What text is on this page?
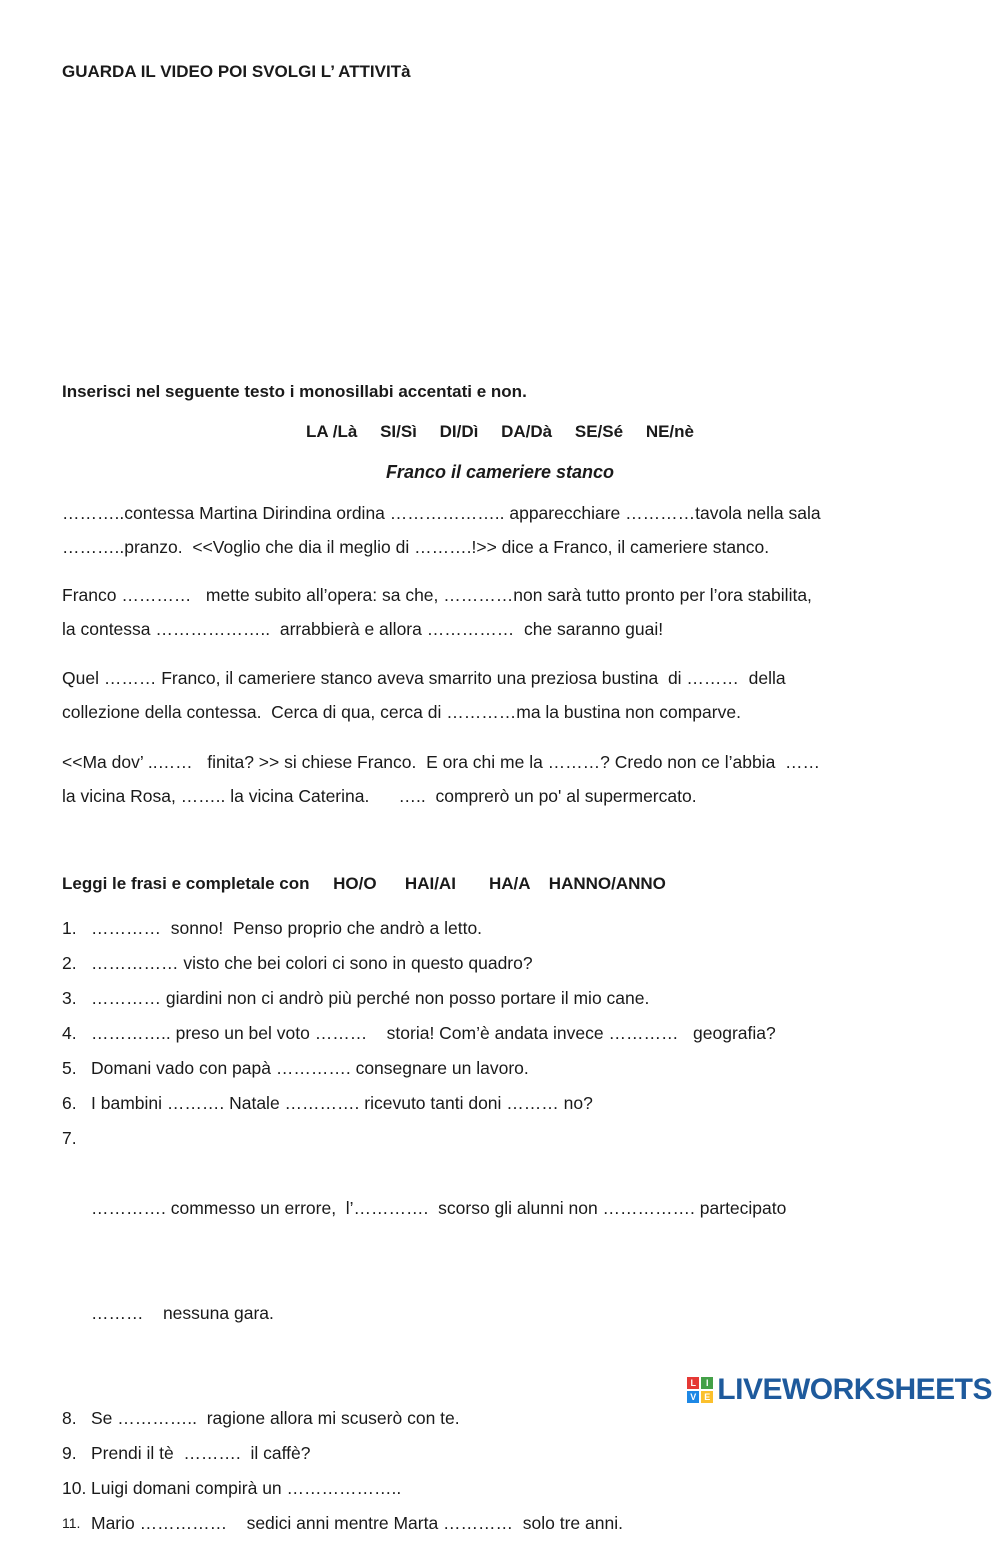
GUARDA IL VIDEO POI SVOLGI L’ ATTIVITà
Inserisci nel seguente testo i monosillabi accentati e non.
LA /Là SI/Sì DI/Dì DA/Dà SE/Sé NE/nè
Franco il cameriere stanco
………..contessa Martina Dirindina ordina ……………….. apparecchiare …………tavola nella sala
………..pranzo.  <<Voglio che dia il meglio di ……….!>> dice a Franco, il cameriere stanco.
Franco …………   mette subito all’opera: sa che, …………non sarà tutto pronto per l’ora stabilita,
la contessa ………………..  arrabbierà e allora ……………  che saranno guai!
Quel ……… Franco, il cameriere stanco aveva smarrito una preziosa bustina  di ………  della
collezione della contessa.  Cerca di qua, cerca di …………ma la bustina non comparve.
<<Ma dov’ ..……   finita? >> si chiese Franco.  E ora chi me la ………? Credo non ce l’abbia  ……
la vicina Rosa, …….. la vicina Caterina.      …..  comprerò un po' al supermercato.
Leggi le frasi e completale con     HO/O      HAI/AI       HA/A    HANNO/ANNO
1. …………  sonno!  Penso proprio che andrò a letto.
2. …………… visto che bei colori ci sono in questo quadro?
3. ………… giardini non ci andrò più perché non posso portare il mio cane.
4. ………….. preso un bel voto ………    storia! Com’è andata invece …………   geografia?
5. Domani vado con papà …………. consegnare un lavoro.
6. I bambini ………. Natale …………. ricevuto tanti doni ……… no?
7.

…………. commesso un errore,  l’………….  scorso gli alunni non ……………. partecipato

………    nessuna gara.

8. Se …………..  ragione allora mi scuserò con te.
9. Prendi il tè  ……….  il caffè?
10. Luigi domani compirà un ………………..
11. Mario ……………    sedici anni mentre Marta …………  solo tre anni.
L	I
V E LIVEWORKSHEETS
